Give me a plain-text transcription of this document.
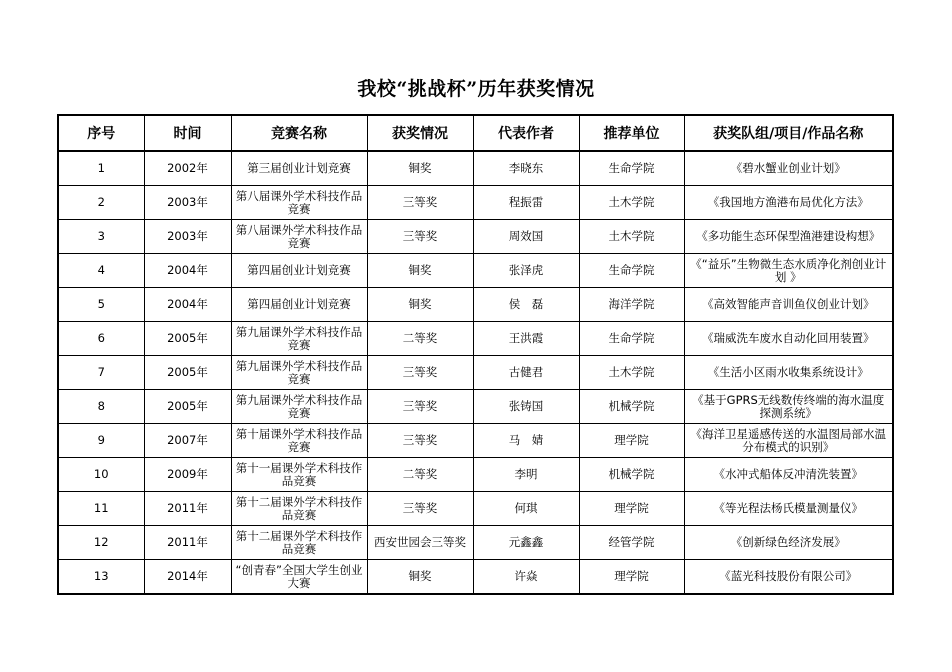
我校“挑战杯”历年获奖情况
序号	时间	竞赛名称	获奖情况	代表作者	推荐单位	获奖队组/项目/作品名称
1	2002年	第三届创业计划竞赛	铜奖	李晓东	生命学院	《碧水蟹业创业计划》
2	2003年	第八届课外学术科技作品竞赛	三等奖	程振雷	土木学院	《我国地方渔港布局优化方法》
3	2003年	第八届课外学术科技作品竞赛	三等奖	周效国	土木学院	《多功能生态环保型渔港建设构想》
4	2004年	第四届创业计划竞赛	铜奖	张泽虎	生命学院	《“益乐”生物微生态水质净化剂创业计划 》
5	2004年	第四届创业计划竞赛	铜奖	侯　磊	海洋学院	《高效智能声音训鱼仪创业计划》
6	2005年	第九届课外学术科技作品竞赛	二等奖	王洪霞	生命学院	《瑞威洗车废水自动化回用装置》
7	2005年	第九届课外学术科技作品竞赛	三等奖	古健君	土木学院	《生活小区雨水收集系统设计》
8	2005年	第九届课外学术科技作品竞赛	三等奖	张铸国	机械学院	《基于GPRS无线数传终端的海水温度探测系统》
9	2007年	第十届课外学术科技作品竞赛	三等奖	马　婧	理学院	《海洋卫星遥感传送的水温图局部水温分布模式的识别》
10	2009年	第十一届课外学术科技作品竞赛	二等奖	李明	机械学院	《水冲式船体反冲清洗装置》
11	2011年	第十二届课外学术科技作品竞赛	三等奖	何琪	理学院	《等光程法杨氏模量测量仪》
12	2011年	第十二届课外学术科技作品竞赛	西安世园会三等奖	元鑫鑫	经管学院	《创新绿色经济发展》
13	2014年	“创青春”全国大学生创业大赛	铜奖	许焱	理学院	《蓝光科技股份有限公司》
